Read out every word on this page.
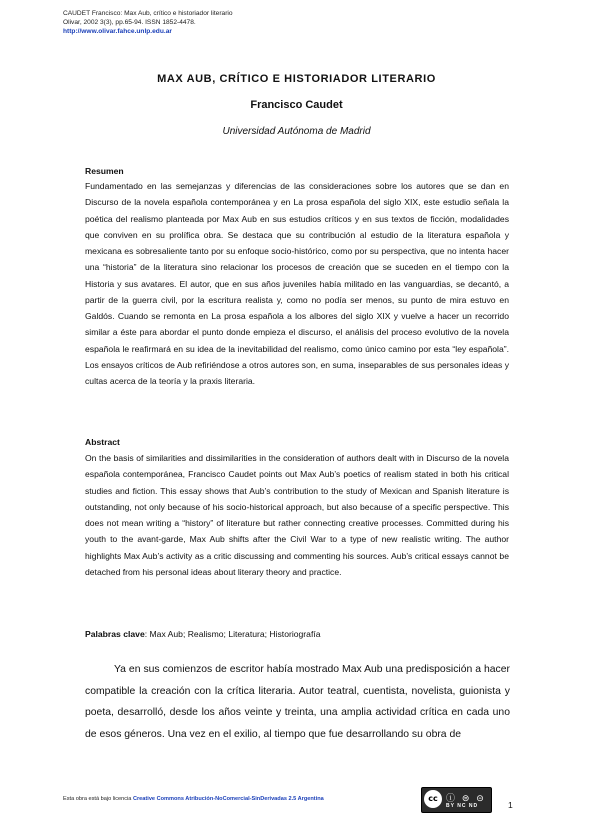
CAUDET Francisco: Max Aub, crítico e historiador literario
Olivar, 2002 3(3), pp.65-94. ISSN 1852-4478.
http://www.olivar.fahce.unlp.edu.ar
MAX AUB, CRÍTICO E HISTORIADOR LITERARIO
Francisco Caudet
Universidad Autónoma de Madrid
Resumen

Fundamentado en las semejanzas y diferencias de las consideraciones sobre los autores que se dan en Discurso de la novela española contemporánea y en La prosa española del siglo XIX, este estudio señala la poética del realismo planteada por Max Aub en sus estudios críticos y en sus textos de ficción, modalidades que conviven en su prolífica obra. Se destaca que su contribución al estudio de la literatura española y mexicana es sobresaliente tanto por su enfoque socio-histórico, como por su perspectiva, que no intenta hacer una “historia” de la literatura sino relacionar los procesos de creación que se suceden en el tiempo con la Historia y sus avatares. El autor, que en sus años juveniles había militado en las vanguardias, se decantó, a partir de la guerra civil, por la escritura realista y, como no podía ser menos, su punto de mira estuvo en Galdós. Cuando se remonta en La prosa española a los albores del siglo XIX y vuelve a hacer un recorrido similar a éste para abordar el punto donde empieza el discurso, el análisis del proceso evolutivo de la novela española le reafirmará en su idea de la inevitabilidad del realismo, como único camino por esta “ley española”. Los ensayos críticos de Aub refiriéndose a otros autores son, en suma, inseparables de sus personales ideas y cultas acerca de la teoría y la praxis literaria.

Abstract

On the basis of similarities and dissimilarities in the consideration of authors dealt with in Discurso de la novela española contemporánea, Francisco Caudet points out Max Aub’s poetics of realism stated in both his critical studies and fiction. This essay shows that Aub’s contribution to the study of Mexican and Spanish literature is outstanding, not only because of his socio-historical approach, but also because of a specific perspective. This does not mean writing a “history” of literature but rather connecting creative processes. Committed during his youth to the avant-garde, Max Aub shifts after the Civil War to a type of new realistic writing. The author highlights Max Aub’s activity as a critic discussing and commenting his sources. Aub’s critical essays cannot be detached from his personal ideas about literary theory and practice.

Palabras clave: Max Aub; Realismo; Literatura; Historiografía

Ya en sus comienzos de escritor había mostrado Max Aub una predisposición a hacer compatible la creación con la crítica literaria. Autor teatral, cuentista, novelista, guionista y poeta, desarrolló, desde los años veinte y treinta, una amplia actividad crítica en cada uno de esos géneros. Una vez en el exilio, al tiempo que fue desarrollando su obra de

Esta obra está bajo licencia Creative Commons Atribución-NoComercial-SinDerivadas 2.5 Argentina	cc ⓘ ⊜ ⊝
BY NC ND	1
